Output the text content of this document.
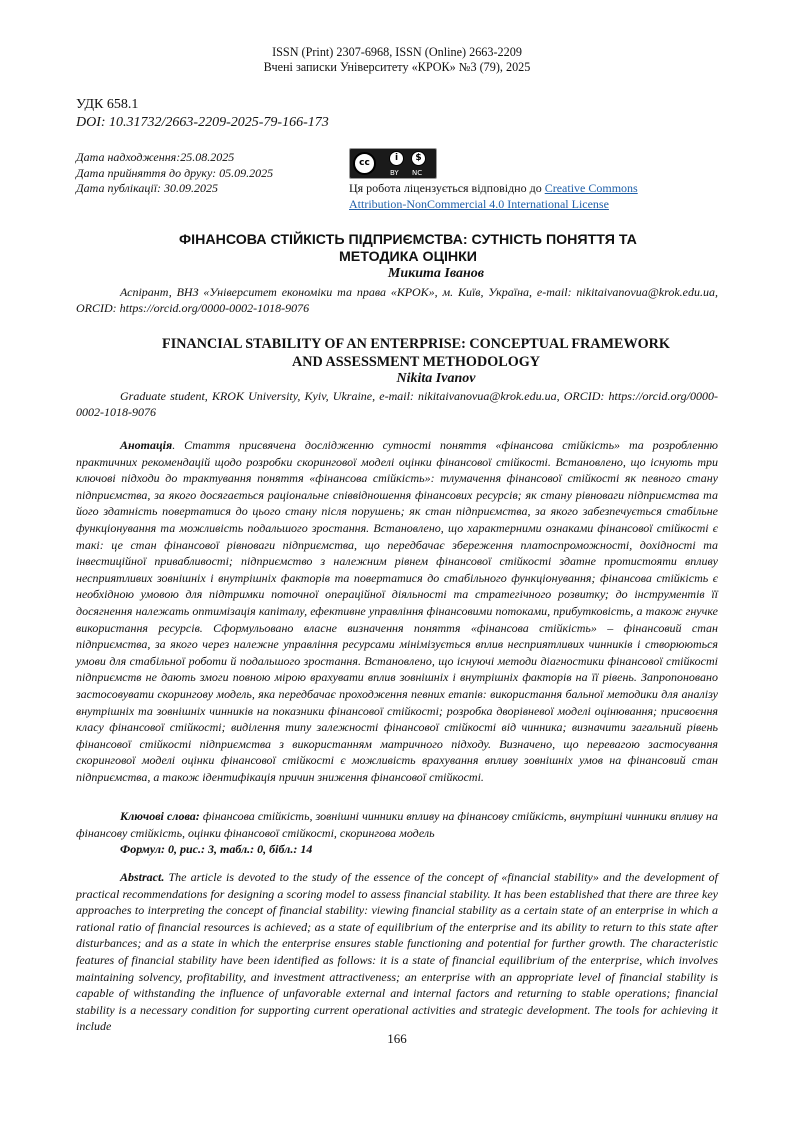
ISSN (Print) 2307-6968, ISSN (Online) 2663-2209
Вчені записки Університету «КРОК» №3 (79), 2025
УДК 658.1
DOI: 10.31732/2663-2209-2025-79-166-173
Дата надходження:25.08.2025
Дата прийняття до друку: 05.09.2025
Дата публікації: 30.09.2025
cc	i	$
BY NC
Ця робота ліцензується відповідно до Creative Commons
Attribution-NonCommercial 4.0 International License
ФІНАНСОВА СТІЙКІСТЬ ПІДПРИЄМСТВА: СУТНІСТЬ ПОНЯТТЯ ТА
МЕТОДИКА ОЦІНКИ
Микита Іванов
Аспірант, ВНЗ «Університет економіки та права «КРОК», м. Київ, Україна, e-mail: nikitaivanovua@krok.edu.ua, ORCID: https://orcid.org/0000-0002-1018-9076
FINANCIAL STABILITY OF AN ENTERPRISE: CONCEPTUAL FRAMEWORK
AND ASSESSMENT METHODOLOGY
Nikita Ivanov
Graduate student, KROK University, Kyiv, Ukraine, e-mail: nikitaivanovua@krok.edu.ua, ORCID: https://orcid.org/0000-0002-1018-9076
Анотація. Стаття присвячена дослідженню сутності поняття «фінансова стійкість» та розробленню практичних рекомендацій щодо розробки скорингової моделі оцінки фінансової стійкості. Встановлено, що існують три ключові підходи до трактування поняття «фінансова стійкість»: тлумачення фінансової стійкості як певного стану підприємства, за якого досягається раціональне співвідношення фінансових ресурсів; як стану рівноваги підприємства та його здатність повертатися до цього стану після порушень; як стан підприємства, за якого забезпечується стабільне функціонування та можливість подальшого зростання. Встановлено, що характерними ознаками фінансової стійкості є такі: це стан фінансової рівноваги підприємства, що передбачає збереження платоспроможності, дохідності та інвестиційної привабливості; підприємство з належним рівнем фінансової стійкості здатне протистояти впливу несприятливих зовнішніх і внутрішніх факторів та повертатися до стабільного функціонування; фінансова стійкість є необхідною умовою для підтримки поточної операційної діяльності та стратегічного розвитку; до інструментів її досягнення належать оптимізація капіталу, ефективне управління фінансовими потоками, прибутковість, а також гнучке використання ресурсів. Сформульовано власне визначення поняття «фінансова стійкість» – фінансовий стан підприємства, за якого через належне управління ресурсами мінімізується вплив несприятливих чинників і створюються умови для стабільної роботи й подальшого зростання. Встановлено, що існуючі методи діагностики фінансової стійкості підприємств не дають змоги повною мірою врахувати вплив зовнішніх і внутрішніх факторів на її рівень. Запропоновано застосовувати скорингову модель, яка передбачає проходження певних етапів: використання бальної методики для аналізу внутрішніх та зовнішніх чинників на показники фінансової стійкості; розробка дворівневої моделі оцінювання; присвоєння класу фінансової стійкості; виділення типу залежності фінансової стійкості від чинника; визначити загальний рівень фінансової стійкості підприємства з використанням матричного підходу. Визначено, що перевагою застосування скорингової моделі оцінки фінансової стійкості є можливість врахування впливу зовнішніх умов на фінансовий стан підприємства, а також ідентифікація причин зниження фінансової стійкості.
Ключові слова: фінансова стійкість, зовнішні чинники впливу на фінансову стійкість, внутрішні чинники впливу на фінансову стійкість, оцінки фінансової стійкості, скорингова модель
Формул: 0, рис.: 3, табл.: 0, бібл.: 14
Abstract. The article is devoted to the study of the essence of the concept of «financial stability» and the development of practical recommendations for designing a scoring model to assess financial stability. It has been established that there are three key approaches to interpreting the concept of financial stability: viewing financial stability as a certain state of an enterprise in which a rational ratio of financial resources is achieved; as a state of equilibrium of the enterprise and its ability to return to this state after disturbances; and as a state in which the enterprise ensures stable functioning and potential for further growth. The characteristic features of financial stability have been identified as follows: it is a state of financial equilibrium of the enterprise, which involves maintaining solvency, profitability, and investment attractiveness; an enterprise with an appropriate level of financial stability is capable of withstanding the influence of unfavorable external and internal factors and returning to stable operations; financial stability is a necessary condition for supporting current operational activities and strategic development. The tools for achieving it include
166
